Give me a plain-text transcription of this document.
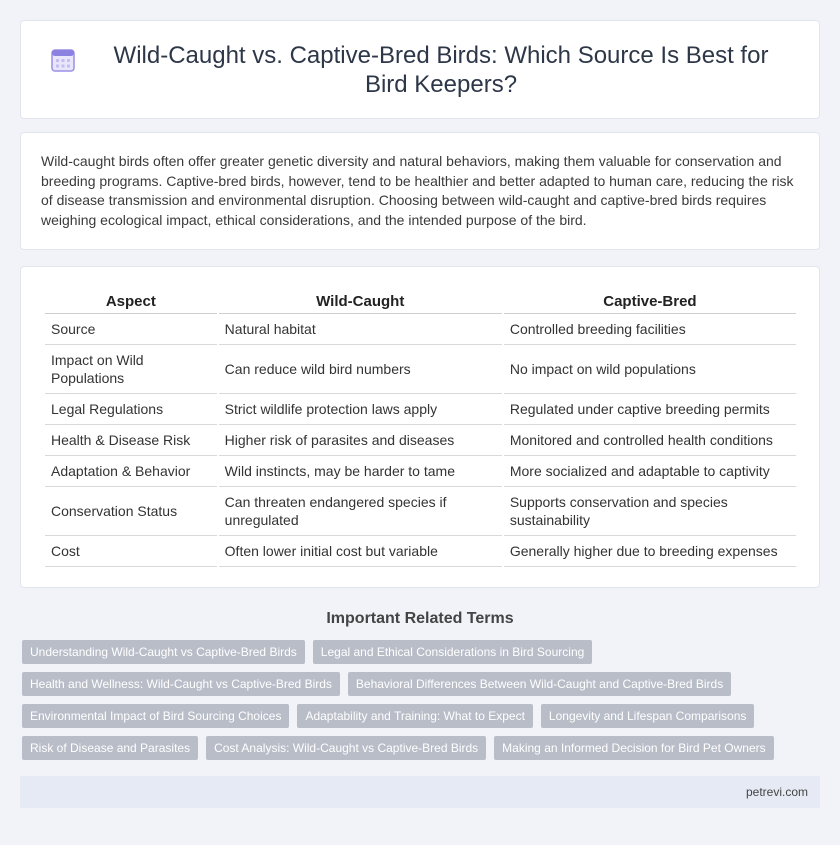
Wild-Caught vs. Captive-Bred Birds: Which Source Is Best for Bird Keepers?

Wild-caught birds often offer greater genetic diversity and natural behaviors, making them valuable for conservation and breeding programs. Captive-bred birds, however, tend to be healthier and better adapted to human care, reducing the risk of disease transmission and environmental disruption. Choosing between wild-caught and captive-bred birds requires weighing ecological impact, ethical considerations, and the intended purpose of the bird.

Aspect	Wild-Caught	Captive-Bred
Source	Natural habitat	Controlled breeding facilities
Impact on Wild Populations	Can reduce wild bird numbers	No impact on wild populations
Legal Regulations	Strict wildlife protection laws apply	Regulated under captive breeding permits
Health & Disease Risk	Higher risk of parasites and diseases	Monitored and controlled health conditions
Adaptation & Behavior	Wild instincts, may be harder to tame	More socialized and adaptable to captivity
Conservation Status	Can threaten endangered species if unregulated	Supports conservation and species sustainability
Cost	Often lower initial cost but variable	Generally higher due to breeding expenses
Important Related Terms
Understanding Wild-Caught vs Captive-Bred Birds	Legal and Ethical Considerations in Bird Sourcing
Health and Wellness: Wild-Caught vs Captive-Bred Birds	Behavioral Differences Between Wild-Caught and Captive-Bred Birds
Environmental Impact of Bird Sourcing Choices	Adaptability and Training: What to Expect	Longevity and Lifespan Comparisons
Risk of Disease and Parasites	Cost Analysis: Wild-Caught vs Captive-Bred Birds	Making an Informed Decision for Bird Pet Owners
petrevi.com
